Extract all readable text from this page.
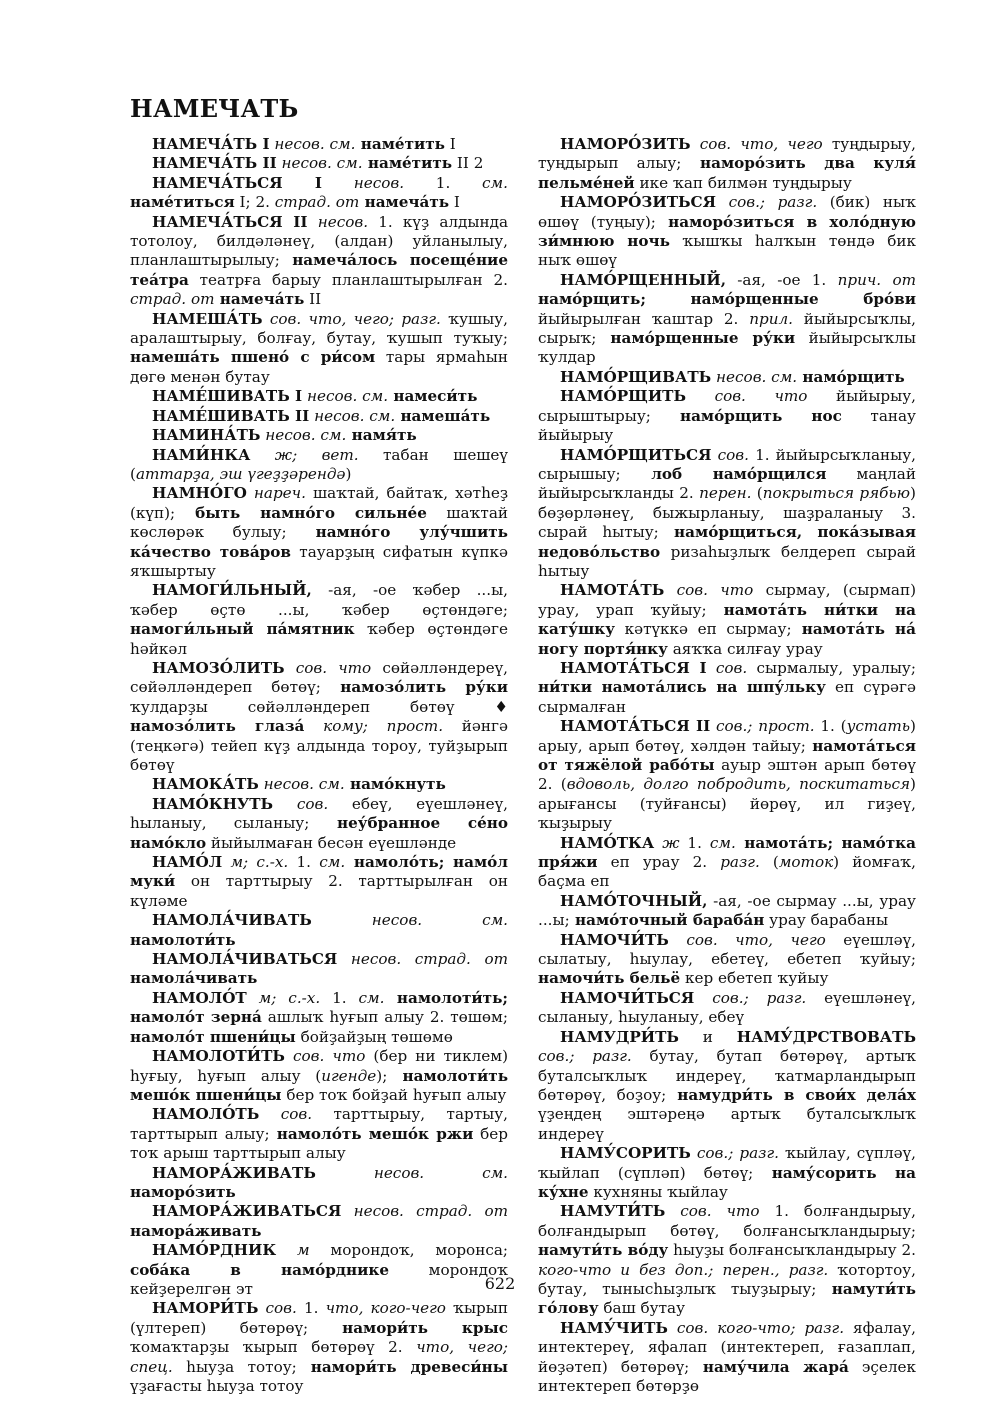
НАМЕЧАТЬ

НАМЕЧА́ТЬ I несов. см. наме́тить I

НАМЕЧА́ТЬ II несов. см. наме́тить II 2

НАМЕЧА́ТЬСЯ I несов. 1. см. наме́титься I; 2. страд. от намеча́ть I

НАМЕЧА́ТЬСЯ II несов. 1. күҙ алдында тотолоу, билдәләнеү, (алдан) уйланылыу, планлаштырылыу; намеча́лось посеще́ние теа́тра театрға барыу планлаштырылған 2. страд. от намеча́ть II

НАМЕША́ТЬ сов. что, чего; разг. ҡушыу, аралаштырыу, болғау, бутау, ҡушып туҡыу; намеша́ть пшено́ с ри́сом тары ярмаһын дөгө менән бутау

НАМЕ́ШИВАТЬ I несов. см. намеси́ть

НАМЕ́ШИВАТЬ II несов. см. намеша́ть

НАМИНА́ТЬ несов. см. намя́ть

НАМИ́НКА ж; вет. табан шешеү (аттарҙа, эш үгеҙҙәрендә)

НАМНО́ГО нареч. шаҡтай, байтаҡ, хәтһеҙ (күп); быть намно́го сильне́е шаҡтай көслөрәк булыу; намно́го улу́чшить ка́чество това́ров тауарҙың сифатын күпкә яҡшыртыу

НАМОГИ́ЛЬНЫЙ, -ая, -ое ҡәбер ...ы, ҡәбер өҫтө ...ы, ҡәбер өҫтөндәге; намоги́льный па́мятник ҡәбер өҫтөндәге һәйкәл

НАМОЗО́ЛИТЬ сов. что сөйәлләндереү, сөйәлләндереп бөтөү; намозо́лить ру́ки ҡулдарҙы сөйәлләндереп бөтөү ♦ намозо́лить глаза́ кому; прост. йәнгә (теңкәгә) тейеп күҙ алдында тороу, туйҙырып бөтөү

НАМОКА́ТЬ несов. см. намо́кнуть

НАМО́КНУТЬ сов. ебеү, еүешләнеү, һыланыу, сыланыу; неу́бранное се́но намо́кло йыйылмаған бесән еүешләнде

НАМО́Л м; с.-х. 1. см. намоло́ть; намо́л муки́ он тарттырыу 2. тарттырылған он күләме

НАМОЛА́ЧИВАТЬ несов. см. намолоти́ть

НАМОЛА́ЧИВАТЬСЯ несов. страд. от намола́чивать

НАМОЛО́Т м; с.-х. 1. см. намолоти́ть; намоло́т зерна́ ашлыҡ һуғып алыу 2. төшөм; намоло́т пшени́цы бойҙайҙың төшөмө

НАМОЛОТИ́ТЬ сов. что (бер ни тиклем) һуғыу, һуғып алыу (игенде); намолоти́ть мешо́к пшени́цы бер тоҡ бойҙай һуғып алыу

НАМОЛО́ТЬ сов. тарттырыу, тартыу, тарттырып алыу; намоло́ть мешо́к ржи бер тоҡ арыш тарттырып алыу

НАМОРА́ЖИВАТЬ несов. см. наморо́зить

НАМОРА́ЖИВАТЬСЯ несов. страд. от намора́живать

НАМО́РДНИК м морондоҡ, моронса; соба́ка в намо́рднике морондоҡ кейҙерелгән эт

НАМОРИ́ТЬ сов. 1. что, кого-чего ҡырып (үлтереп) бөтөрөү; намори́ть крыс ҡомаҡтарҙы ҡырып бөтөрөү 2. что, чего; спец. һыуҙа тотоу; намори́ть древеси́ны үҙағасты һыуҙа тотоу

НАМОРО́ЗИТЬ сов. что, чего туңдырыу, туңдырып алыу; наморо́зить два куля́ пельме́ней ике ҡап билмән туңдырыу

НАМОРО́ЗИТЬСЯ сов.; разг. (бик) ныҡ өшөү (туңыу); наморо́зиться в холо́дную зи́мнюю ночь ҡышҡы һалҡын төндә бик ныҡ өшөү

НАМО́РЩЕННЫЙ, -ая, -ое 1. прич. от намо́рщить; намо́рщенные бро́ви йыйырылған ҡаштар 2. прил. йыйырсыҡлы, сырыҡ; намо́рщенные ру́ки йыйырсыҡлы ҡулдар

НАМО́РЩИВАТЬ несов. см. намо́рщить

НАМО́РЩИТЬ сов. что йыйырыу, сырыштырыу; намо́рщить нос танау йыйырыу

НАМО́РЩИТЬСЯ сов. 1. йыйырсыҡланыу, сырышыу; лоб намо́рщился маңлай йыйырсыҡланды 2. перен. (покрыться рябью) бөҙөрләнеү, быжырланыу, шаҙраланыу 3. сырай һытыу; намо́рщиться, пока́зывая недово́льство ризаһыҙлыҡ белдереп сырай һытыу

НАМОТА́ТЬ сов. что сырмау, (сырмап) урау, урап ҡуйыу; намота́ть ни́тки на кату́шку кәтүккә еп сырмау; намота́ть на́ ногу портя́нку аяҡҡа силғау урау

НАМОТА́ТЬСЯ I сов. сырмалыу, уралыу; ни́тки намота́лись на шпу́льку еп сүрәгә сырмалған

НАМОТА́ТЬСЯ II сов.; прост. 1. (устать) арыу, арып бөтөү, хәлдән тайыу; намота́ться от тяжёлой рабо́ты ауыр эштән арып бөтөү 2. (вдоволь, долго побродить, поскитаться) арығансы (туйғансы) йөрөү, ил гиҙеү, ҡыҙырыу

НАМО́ТКА ж 1. см. намота́ть; намо́тка пря́жи еп урау 2. разг. (моток) йомғаҡ, баҫма еп

НАМО́ТОЧНЫЙ, -ая, -ое сырмау ...ы, урау ...ы; намо́точный бараба́н урау барабаны

НАМОЧИ́ТЬ сов. что, чего еүешләү, сылатыу, һыулау, ебетеү, ебетеп ҡуйыу; намочи́ть бельё кер ебетеп ҡуйыу

НАМОЧИ́ТЬСЯ сов.; разг. еүешләнеү, сыланыу, һыуланыу, ебеү

НАМУДРИ́ТЬ и НАМУ́ДРСТВОВАТЬ сов.; разг. бутау, бутап бөтөрөү, артыҡ буталсыҡлыҡ индереү, ҡатмарландырып бөтөрөү, боҙоу; намудри́ть в свои́х дела́х үҙеңдең эштәреңә артыҡ буталсыҡлыҡ индереү

НАМУ́СОРИТЬ сов.; разг. ҡыйлау, сүпләү, ҡыйлап (сүпләп) бөтөү; наму́сорить на ку́хне кухняны ҡыйлау

НАМУТИ́ТЬ сов. что 1. болғандырыу, болғандырып бөтөү, болғансыҡландырыу; намути́ть во́ду һыуҙы болғансыҡландырыу 2. кого-что и без доп.; перен., разг. ҡотортоу, бутау, тыныcһыҙлыҡ тыуҙырыу; намути́ть го́лову баш бутау

НАМУ́ЧИТЬ сов. кого-что; разг. яфалау, интектереү, яфалап (интектереп, ғазаплап, йөҙәтеп) бөтөрөү; наму́чила жара́ эҫелек интектереп бөтөрҙө

622
